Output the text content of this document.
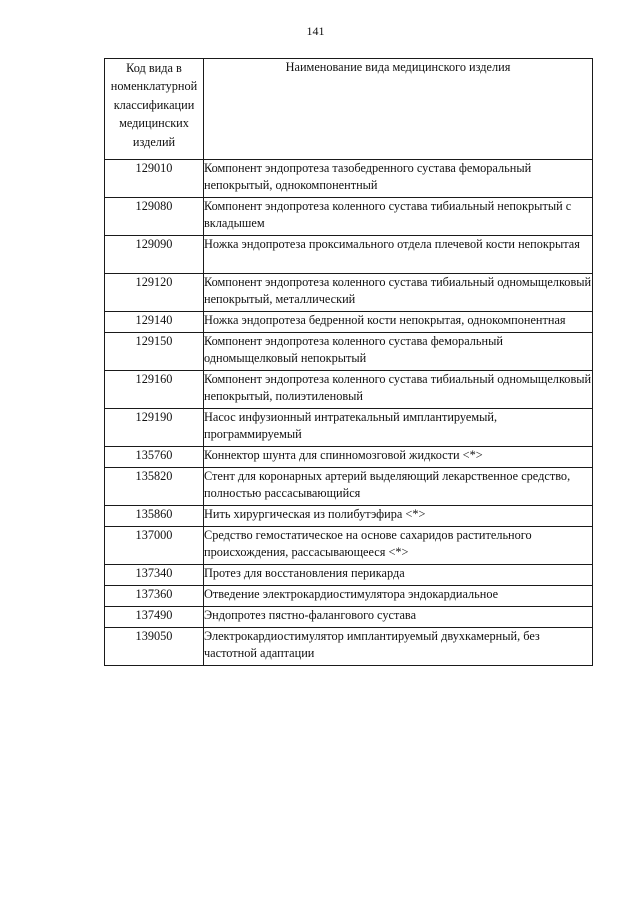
141
Код вида в номенклатурной классификации медицинских изделий	Наименование вида медицинского изделия
129010	Компонент эндопротеза тазобедренного сустава феморальный непокрытый, однокомпонентный
129080	Компонент эндопротеза коленного сустава тибиальный непокрытый с вкладышем
129090	Ножка эндопротеза проксимального отдела плечевой кости непокрытая
129120	Компонент эндопротеза коленного сустава тибиальный одномыщелковый непокрытый, металлический
129140	Ножка эндопротеза бедренной кости непокрытая, однокомпонентная
129150	Компонент эндопротеза коленного сустава феморальный одномыщелковый непокрытый
129160	Компонент эндопротеза коленного сустава тибиальный одномыщелковый непокрытый, полиэтиленовый
129190	Насос инфузионный интратекальный имплантируемый, программируемый
135760	Коннектор шунта для спинномозговой жидкости <*>
135820	Стент для коронарных артерий выделяющий лекарственное средство, полностью рассасывающийся
135860	Нить хирургическая из полибутэфира <*>
137000	Средство гемостатическое на основе сахаридов растительного происхождения, рассасывающееся <*>
137340	Протез для восстановления перикарда
137360	Отведение электрокардиостимулятора эндокардиальное
137490	Эндопротез пястно-фалангового сустава
139050	Электрокардиостимулятор имплантируемый двухкамерный, без частотной адаптации
